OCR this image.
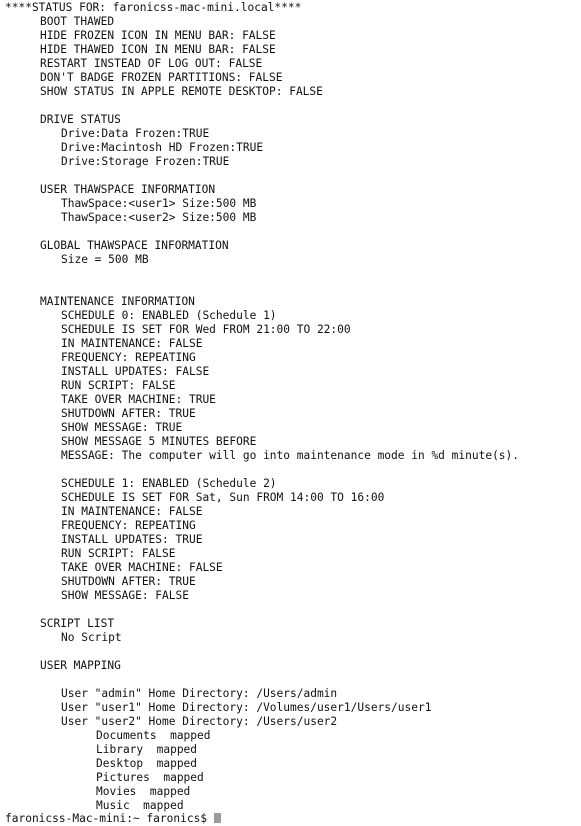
****STATUS FOR: faronicss-mac-mini.local****
BOOT THAWED
HIDE FROZEN ICON IN MENU BAR: FALSE
HIDE THAWED ICON IN MENU BAR: FALSE
RESTART INSTEAD OF LOG OUT: FALSE
DON'T BADGE FROZEN PARTITIONS: FALSE
SHOW STATUS IN APPLE REMOTE DESKTOP: FALSE
DRIVE STATUS
Drive:Data Frozen:TRUE
Drive:Macintosh HD Frozen:TRUE
Drive:Storage Frozen:TRUE
USER THAWSPACE INFORMATION
ThawSpace:<user1> Size:500 MB
ThawSpace:<user2> Size:500 MB
GLOBAL THAWSPACE INFORMATION
Size = 500 MB
MAINTENANCE INFORMATION
SCHEDULE 0: ENABLED (Schedule 1)
SCHEDULE IS SET FOR Wed FROM 21:00 TO 22:00
IN MAINTENANCE: FALSE
FREQUENCY: REPEATING
INSTALL UPDATES: FALSE
RUN SCRIPT: FALSE
TAKE OVER MACHINE: TRUE
SHUTDOWN AFTER: TRUE
SHOW MESSAGE: TRUE
SHOW MESSAGE 5 MINUTES BEFORE
MESSAGE: The computer will go into maintenance mode in %d minute(s).
SCHEDULE 1: ENABLED (Schedule 2)
SCHEDULE IS SET FOR Sat, Sun FROM 14:00 TO 16:00
IN MAINTENANCE: FALSE
FREQUENCY: REPEATING
INSTALL UPDATES: TRUE
RUN SCRIPT: FALSE
TAKE OVER MACHINE: FALSE
SHUTDOWN AFTER: TRUE
SHOW MESSAGE: FALSE
SCRIPT LIST
No Script
USER MAPPING
User "admin" Home Directory: /Users/admin
User "user1" Home Directory: /Volumes/user1/Users/user1
User "user2" Home Directory: /Users/user2
Documents  mapped
Library  mapped
Desktop  mapped
Pictures  mapped
Movies  mapped
Music  mapped
faronicss-Mac-mini:~ faronics$
